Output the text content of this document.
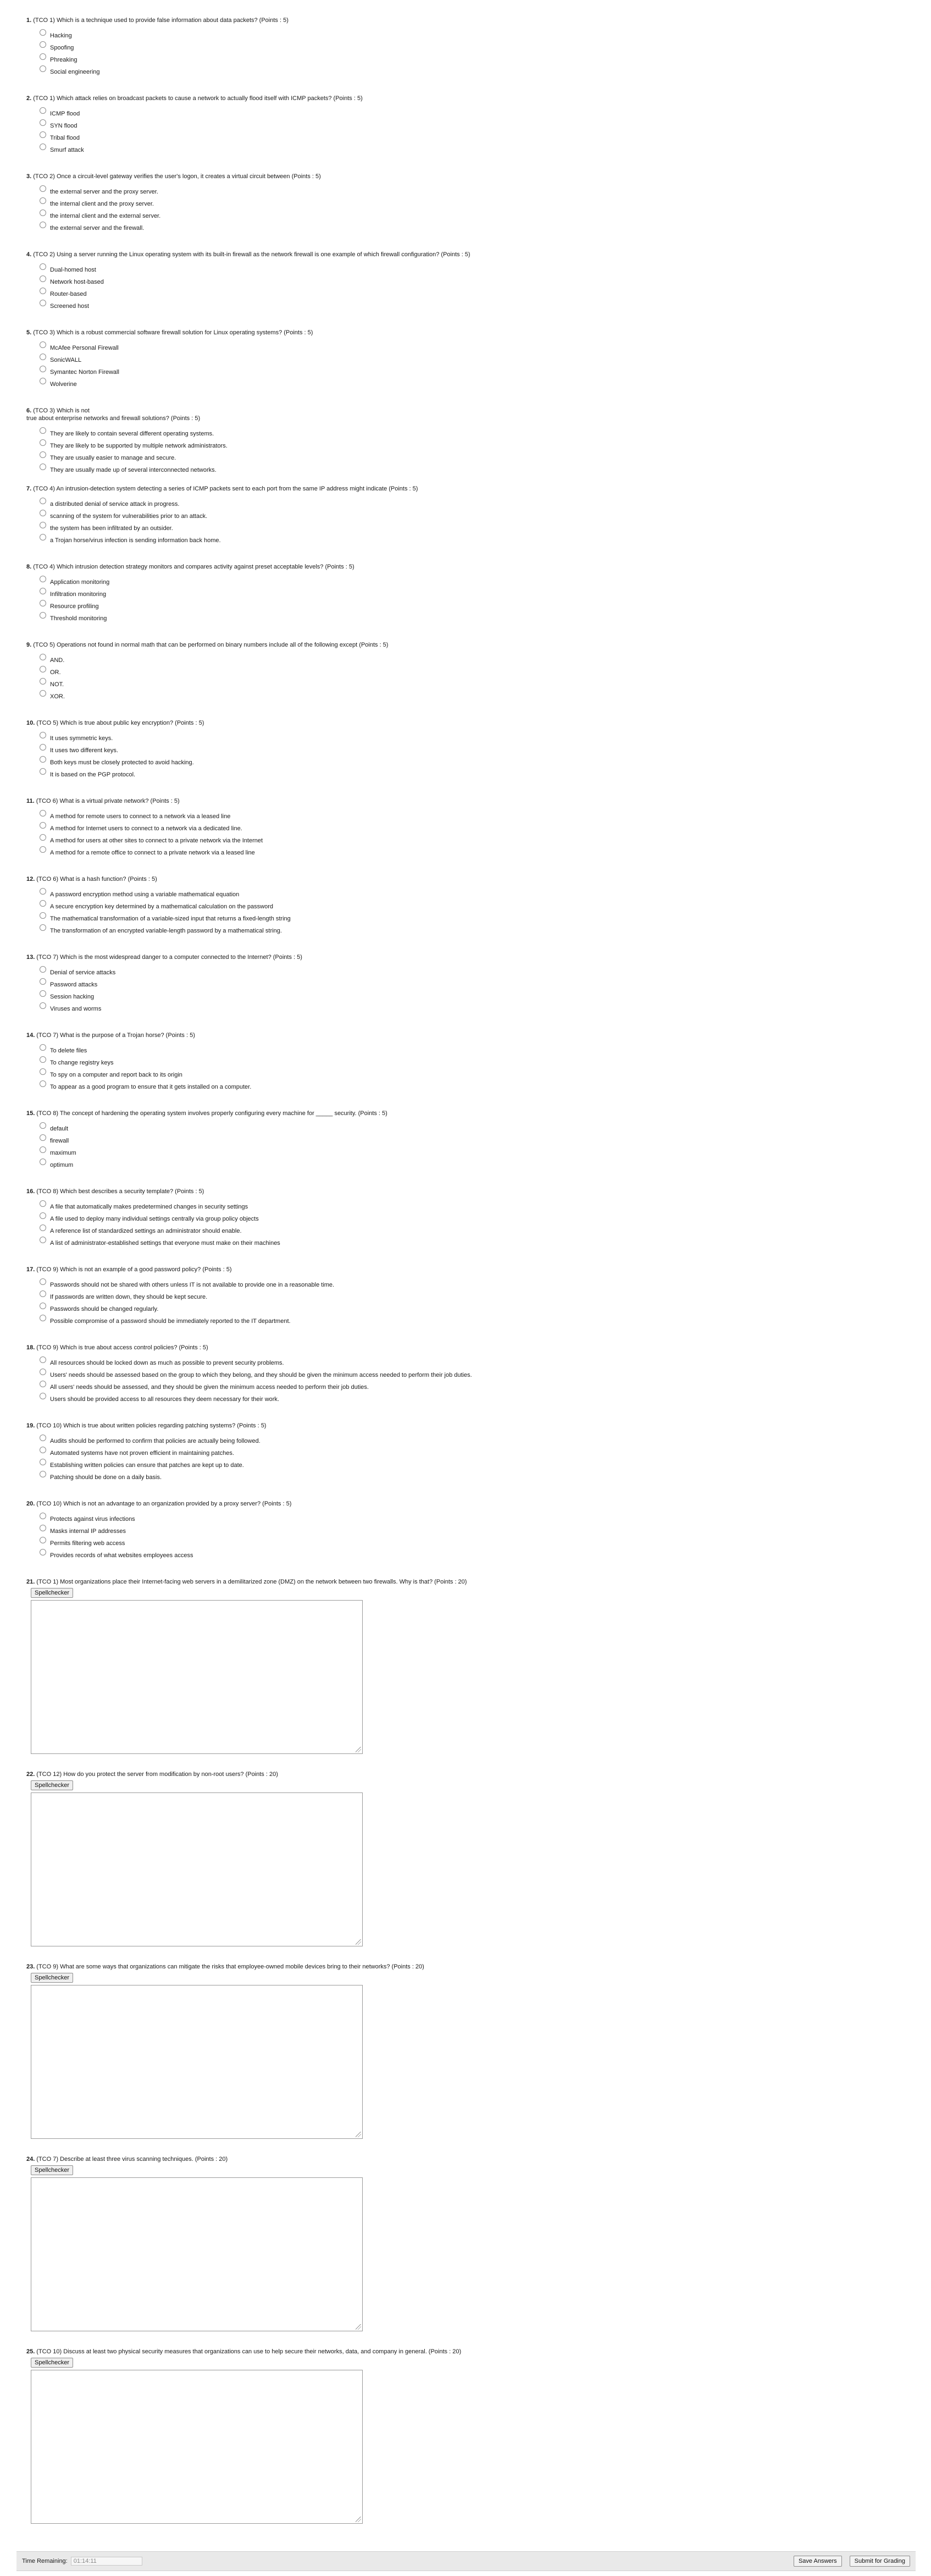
1. (TCO 1) Which is a technique used to provide false information about data packets? (Points : 5)
Hacking
Spoofing
Phreaking
Social engineering
2. (TCO 1) Which attack relies on broadcast packets to cause a network to actually flood itself with ICMP packets? (Points : 5)
ICMP flood
SYN flood
Tribal flood
Smurf attack
3. (TCO 2) Once a circuit-level gateway verifies the user's logon, it creates a virtual circuit between (Points : 5)
the external server and the proxy server.
the internal client and the proxy server.
the internal client and the external server.
the external server and the firewall.
4. (TCO 2) Using a server running the Linux operating system with its built-in firewall as the network firewall is one example of which firewall configuration? (Points : 5)
Dual-homed host
Network host-based
Router-based
Screened host
5. (TCO 3) Which is a robust commercial software firewall solution for Linux operating systems? (Points : 5)
McAfee Personal Firewall
SonicWALL
Symantec Norton Firewall
Wolverine
6. (TCO 3) Which is not
true about enterprise networks and firewall solutions? (Points : 5)
They are likely to contain several different operating systems.
They are likely to be supported by multiple network administrators.
They are usually easier to manage and secure.
They are usually made up of several interconnected networks.
7. (TCO 4) An intrusion-detection system detecting a series of ICMP packets sent to each port from the same IP address might indicate (Points : 5)
a distributed denial of service attack in progress.
scanning of the system for vulnerabilities prior to an attack.
the system has been infiltrated by an outsider.
a Trojan horse/virus infection is sending information back home.
8. (TCO 4) Which intrusion detection strategy monitors and compares activity against preset acceptable levels? (Points : 5)
Application monitoring
Infiltration monitoring
Resource profiling
Threshold monitoring
9. (TCO 5) Operations not found in normal math that can be performed on binary numbers include all of the following except (Points : 5)
AND.
OR.
NOT.
XOR.
10. (TCO 5) Which is true about public key encryption? (Points : 5)
It uses symmetric keys.
It uses two different keys.
Both keys must be closely protected to avoid hacking.
It is based on the PGP protocol.
11. (TCO 6) What is a virtual private network? (Points : 5)
A method for remote users to connect to a network via a leased line
A method for Internet users to connect to a network via a dedicated line.
A method for users at other sites to connect to a private network via the Internet
A method for a remote office to connect to a private network via a leased line
12. (TCO 6) What is a hash function? (Points : 5)
A password encryption method using a variable mathematical equation
A secure encryption key determined by a mathematical calculation on the password
The mathematical transformation of a variable-sized input that returns a fixed-length string
The transformation of an encrypted variable-length password by a mathematical string.
13. (TCO 7) Which is the most widespread danger to a computer connected to the Internet? (Points : 5)
Denial of service attacks
Password attacks
Session hacking
Viruses and worms
14. (TCO 7) What is the purpose of a Trojan horse? (Points : 5)
To delete files
To change registry keys
To spy on a computer and report back to its origin
To appear as a good program to ensure that it gets installed on a computer.
15. (TCO 8) The concept of hardening the operating system involves properly configuring every machine for _____ security. (Points : 5)
default
firewall
maximum
optimum
16. (TCO 8) Which best describes a security template? (Points : 5)
A file that automatically makes predetermined changes in security settings
A file used to deploy many individual settings centrally via group policy objects
A reference list of standardized settings an administrator should enable.
A list of administrator-established settings that everyone must make on their machines
17. (TCO 9) Which is not an example of a good password policy? (Points : 5)
Passwords should not be shared with others unless IT is not available to provide one in a reasonable time.
If passwords are written down, they should be kept secure.
Passwords should be changed regularly.
Possible compromise of a password should be immediately reported to the IT department.
18. (TCO 9) Which is true about access control policies? (Points : 5)
All resources should be locked down as much as possible to prevent security problems.
Users' needs should be assessed based on the group to which they belong, and they should be given the minimum access needed to perform their job duties.
All users' needs should be assessed, and they should be given the minimum access needed to perform their job duties.
Users should be provided access to all resources they deem necessary for their work.
19. (TCO 10) Which is true about written policies regarding patching systems? (Points : 5)
Audits should be performed to confirm that policies are actually being followed.
Automated systems have not proven efficient in maintaining patches.
Establishing written policies can ensure that patches are kept up to date.
Patching should be done on a daily basis.
20. (TCO 10) Which is not an advantage to an organization provided by a proxy server? (Points : 5)
Protects against virus infections
Masks internal IP addresses
Permits filtering web access
Provides records of what websites employees access
21. (TCO 1) Most organizations place their Internet-facing web servers in a demilitarized zone (DMZ) on the network between two firewalls. Why is that? (Points : 20)
Spellchecker
22. (TCO 12) How do you protect the server from modification by non-root users? (Points : 20)
Spellchecker
23. (TCO 9) What are some ways that organizations can mitigate the risks that employee-owned mobile devices bring to their networks? (Points : 20)
Spellchecker
24. (TCO 7) Describe at least three virus scanning techniques. (Points : 20)
Spellchecker
25. (TCO 10) Discuss at least two physical security measures that organizations can use to help secure their networks, data, and company in general. (Points : 20)
Spellchecker
Time Remaining:
01:14:11	Save Answers	Submit for Grading
